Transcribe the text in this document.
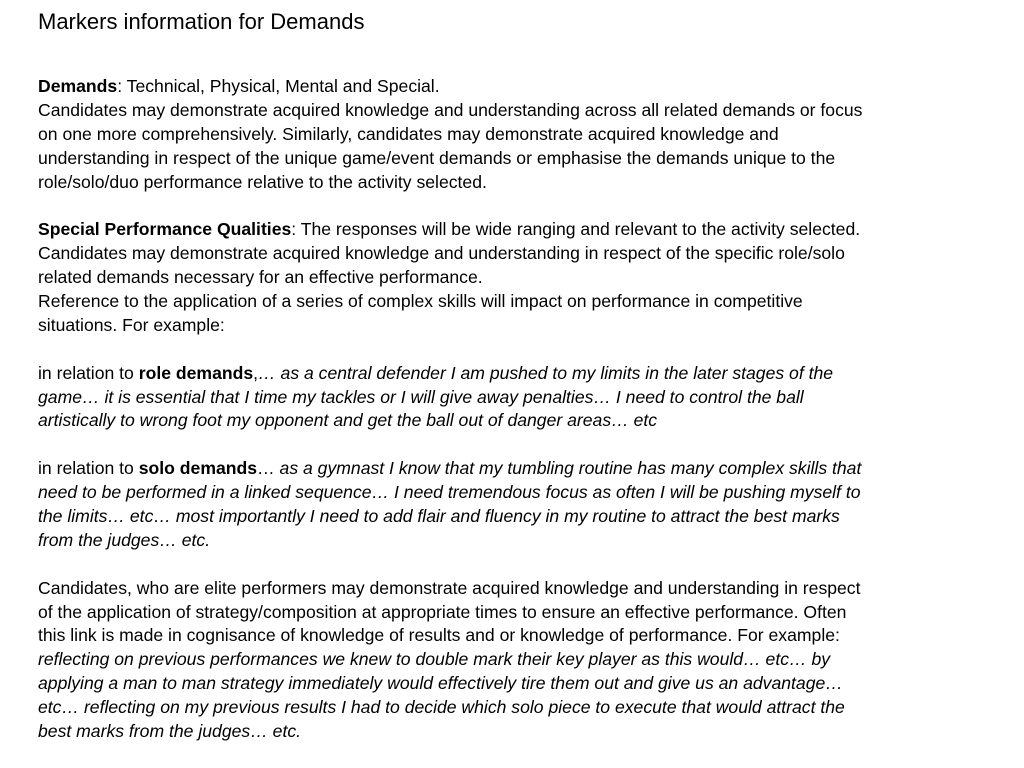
Markers information for Demands
Demands: Technical, Physical, Mental and Special.
Candidates may demonstrate acquired knowledge and understanding across all related demands or focus
on one more comprehensively. Similarly, candidates may demonstrate acquired knowledge and
understanding in respect of the unique game/event demands or emphasise the demands unique to the
role/solo/duo performance relative to the activity selected.
Special Performance Qualities: The responses will be wide ranging and relevant to the activity selected.
Candidates may demonstrate acquired knowledge and understanding in respect of the specific role/solo
related demands necessary for an effective performance.
Reference to the application of a series of complex skills will impact on performance in competitive
situations. For example:
in relation to role demands,… as a central defender I am pushed to my limits in the later stages of the
game… it is essential that I time my tackles or I will give away penalties… I need to control the ball
artistically to wrong foot my opponent and get the ball out of danger areas… etc
in relation to solo demands… as a gymnast I know that my tumbling routine has many complex skills that
need to be performed in a linked sequence… I need tremendous focus as often I will be pushing myself to
the limits… etc… most importantly I need to add flair and fluency in my routine to attract the best marks
from the judges… etc.
Candidates, who are elite performers may demonstrate acquired knowledge and understanding in respect
of the application of strategy/composition at appropriate times to ensure an effective performance. Often
this link is made in cognisance of knowledge of results and or knowledge of performance. For example:
reflecting on previous performances we knew to double mark their key player as this would… etc… by
applying a man to man strategy immediately would effectively tire them out and give us an advantage…
etc… reflecting on my previous results I had to decide which solo piece to execute that would attract the
best marks from the judges… etc.
